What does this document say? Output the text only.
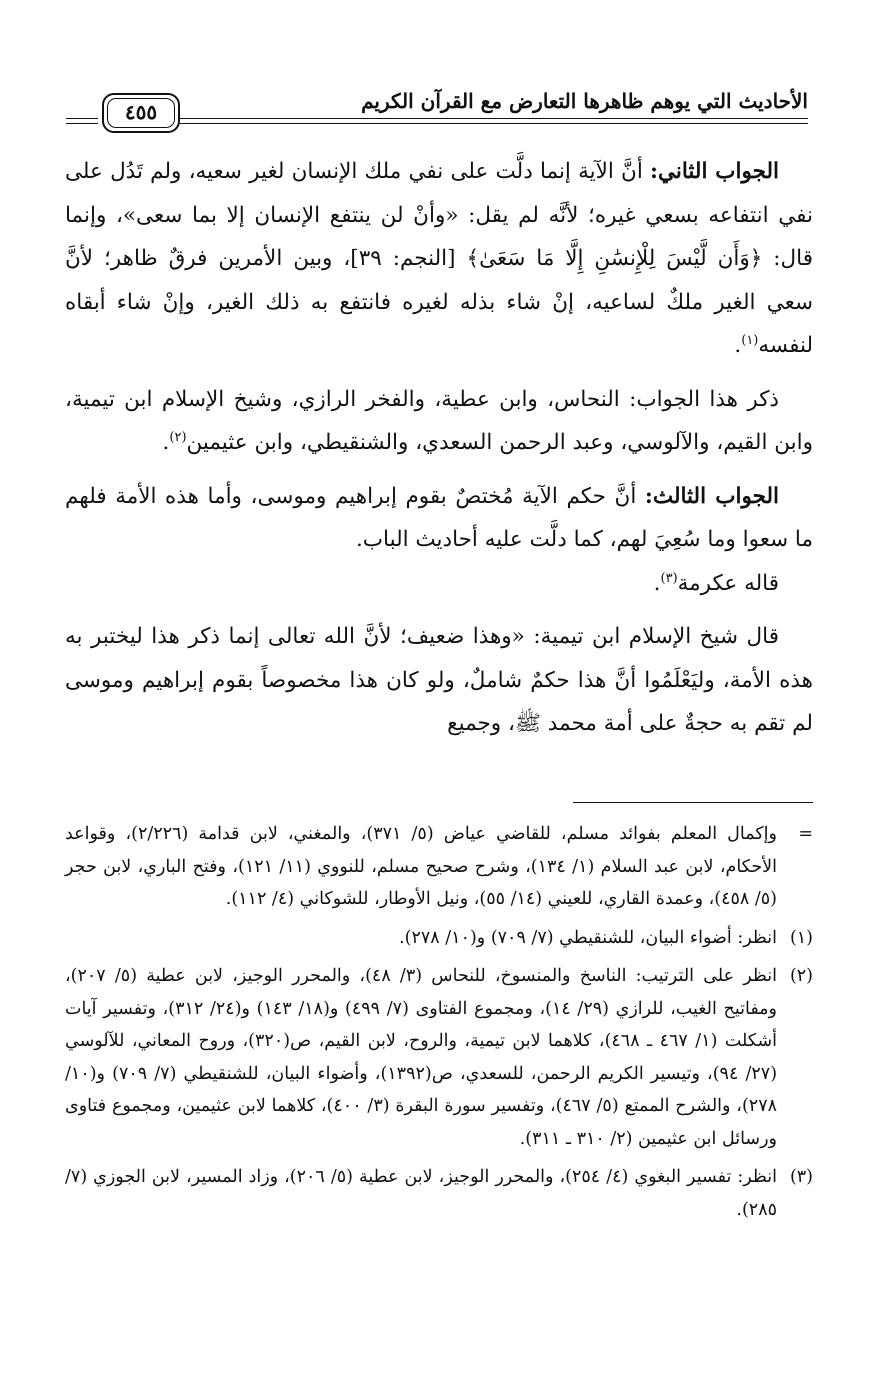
الأحاديث التي يوهم ظاهرها التعارض مع القرآن الكريم
٤٥٥

الجواب الثاني: أنَّ الآية إنما دلَّت على نفي ملك الإنسان لغير سعيه، ولم تَدُل على نفي انتفاعه بسعي غيره؛ لأنَّه لم يقل: «وأنْ لن ينتفع الإنسان إلا بما سعى»، وإنما قال: ﴿وَأَن لَّيْسَ لِلْإِنسَٰنِ إِلَّا مَا سَعَىٰ﴾ [النجم: ٣٩]، وبين الأمرين فرقٌ ظاهر؛ لأنَّ سعي الغير ملكٌ لساعيه، إنْ شاء بذله لغيره فانتفع به ذلك الغير، وإنْ شاء أبقاه لنفسه$^{(١)}$.

ذكر هذا الجواب: النحاس، وابن عطية، والفخر الرازي، وشيخ الإسلام ابن تيمية، وابن القيم، والآلوسي، وعبد الرحمن السعدي، والشنقيطي، وابن عثيمين$^{(٢)}$.

الجواب الثالث: أنَّ حكم الآية مُختصٌ بقوم إبراهيم وموسى، وأما هذه الأمة فلهم ما سعوا وما سُعِيَ لهم، كما دلَّت عليه أحاديث الباب.

قاله عكرمة$^{(٣)}$.

قال شيخ الإسلام ابن تيمية: «وهذا ضعيف؛ لأنَّ الله تعالى إنما ذكر هذا ليختبر به هذه الأمة، وليَعْلَمُوا أنَّ هذا حكمٌ شاملٌ، ولو كان هذا مخصوصاً بقوم إبراهيم وموسى لم تقم به حجةٌ على أمة محمد ﷺ، وجميع

=
وإكمال المعلم بفوائد مسلم، للقاضي عياض (٥/ ٣٧١)، والمغني، لابن قدامة (٢/٢٢٦)، وقواعد الأحكام، لابن عبد السلام (١/ ١٣٤)، وشرح صحيح مسلم، للنووي (١١/ ١٢١)، وفتح الباري، لابن حجر (٥/ ٤٥٨)، وعمدة القاري، للعيني (١٤/ ٥٥)، ونيل الأوطار، للشوكاني (٤/ ١١٢).
(١)
انظر: أضواء البيان، للشنقيطي (٧/ ٧٠٩) و(١٠/ ٢٧٨).
(٢)
انظر على الترتيب: الناسخ والمنسوخ، للنحاس (٣/ ٤٨)، والمحرر الوجيز، لابن عطية (٥/ ٢٠٧)، ومفاتيح الغيب، للرازي (٢٩/ ١٤)، ومجموع الفتاوى (٧/ ٤٩٩) و(١٨/ ١٤٣) و(٢٤/ ٣١٢)، وتفسير آيات أشكلت (١/ ٤٦٧ ـ ٤٦٨)، كلاهما لابن تيمية، والروح، لابن القيم، ص(٣٢٠)، وروح المعاني، للآلوسي (٢٧/ ٩٤)، وتيسير الكريم الرحمن، للسعدي، ص(١٣٩٢)، وأضواء البيان، للشنقيطي (٧/ ٧٠٩) و(١٠/ ٢٧٨)، والشرح الممتع (٥/ ٤٦٧)، وتفسير سورة البقرة (٣/ ٤٠٠)، كلاهما لابن عثيمين، ومجموع فتاوى ورسائل ابن عثيمين (٢/ ٣١٠ ـ ٣١١).
(٣)
انظر: تفسير البغوي (٤/ ٢٥٤)، والمحرر الوجيز، لابن عطية (٥/ ٢٠٦)، وزاد المسير، لابن الجوزي (٧/ ٢٨٥).
